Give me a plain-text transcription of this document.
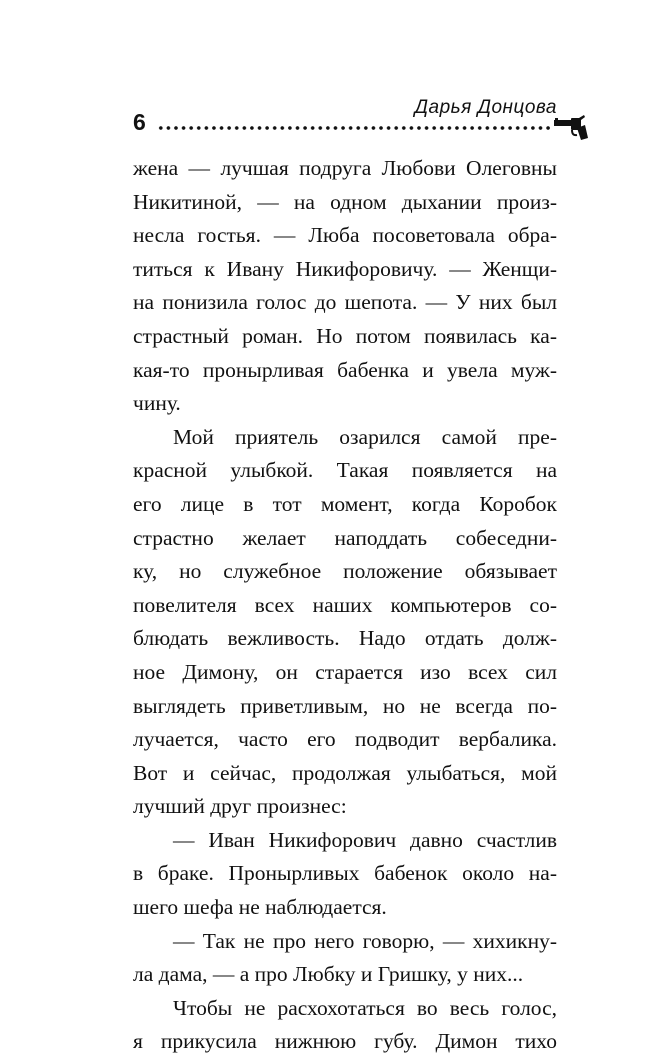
6
Дарья Донцова
жена — лучшая подруга Любови Олеговны
Никитиной, — на одном дыхании произ-
несла гостья. — Люба посоветовала обра-
титься к Ивану Никифоровичу. — Женщи-
на понизила голос до шепота. — У них был
страстный роман. Но потом появилась ка-
кая-то пронырливая бабенка и увела муж-
чину.
Мой приятель озарился самой пре-
красной улыбкой. Такая появляется на
его лице в тот момент, когда Коробок
страстно желает наподдать собеседни-
ку, но служебное положение обязывает
повелителя всех наших компьютеров со-
блюдать вежливость. Надо отдать долж-
ное Димону, он старается изо всех сил
выглядеть приветливым, но не всегда по-
лучается, часто его подводит вербалика.
Вот и сейчас, продолжая улыбаться, мой
лучший друг произнес:
— Иван Никифорович давно счастлив
в браке. Пронырливых бабенок около на-
шего шефа не наблюдается.
— Так не про него говорю, — хихикну-
ла дама, — а про Любку и Гришку, у них...
Чтобы не расхохотаться во весь голос,
я прикусила нижнюю губу. Димон тихо
